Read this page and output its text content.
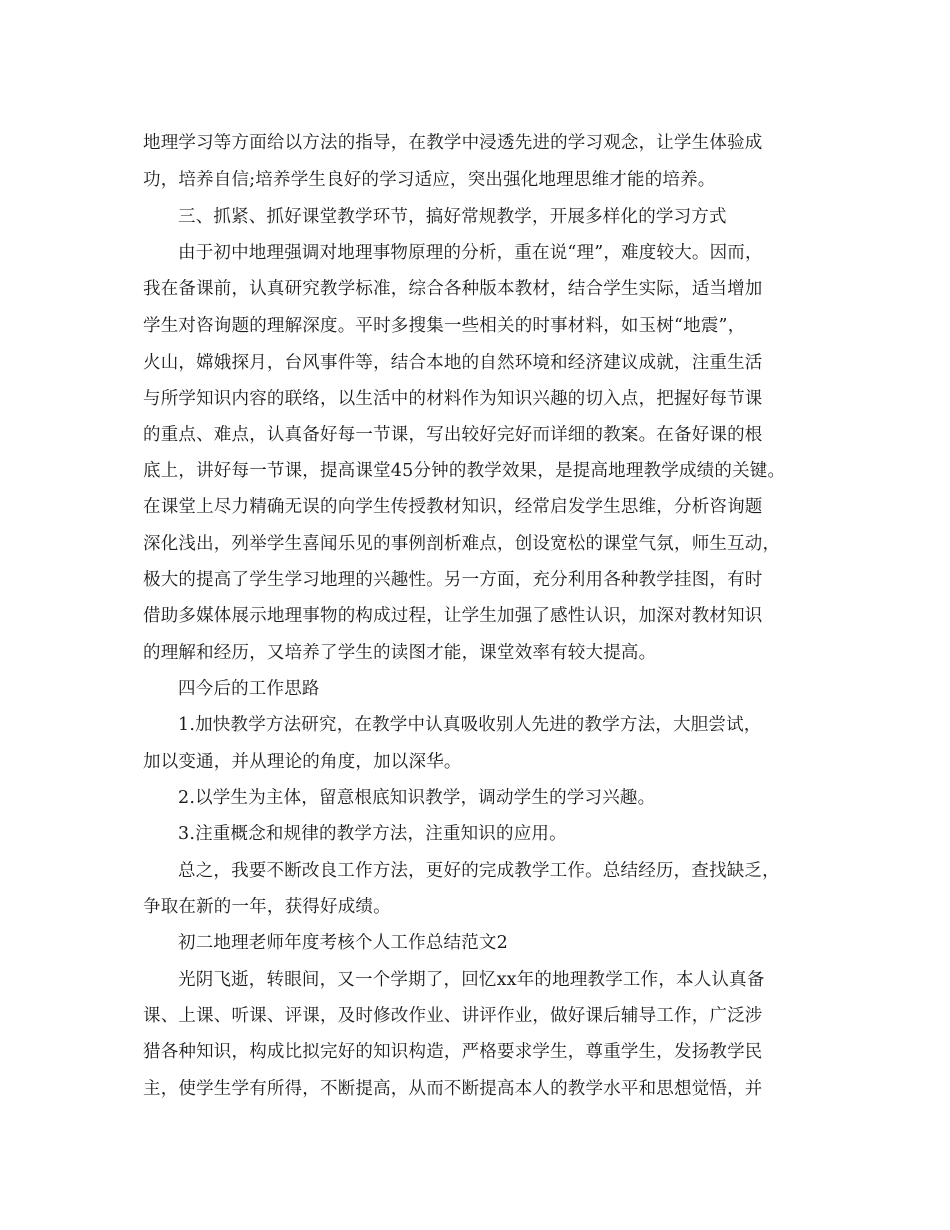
地理学习等方面给以方法的指导，在教学中浸透先进的学习观念，让学生体验成
功，培养自信;培养学生良好的学习适应，突出强化地理思维才能的培养。
三、抓紧、抓好课堂教学环节，搞好常规教学，开展多样化的学习方式
由于初中地理强调对地理事物原理的分析，重在说“理”，难度较大。因而，
我在备课前，认真研究教学标准，综合各种版本教材，结合学生实际，适当增加
学生对咨询题的理解深度。平时多搜集一些相关的时事材料，如玉树“地震”，
火山，嫦娥探月，台风事件等，结合本地的自然环境和经济建议成就，注重生活
与所学知识内容的联络，以生活中的材料作为知识兴趣的切入点，把握好每节课
的重点、难点，认真备好每一节课，写出较好完好而详细的教案。在备好课的根
底上，讲好每一节课，提高课堂45分钟的教学效果，是提高地理教学成绩的关键。
在课堂上尽力精确无误的向学生传授教材知识，经常启发学生思维，分析咨询题
深化浅出，列举学生喜闻乐见的事例剖析难点，创设宽松的课堂气氛，师生互动，
极大的提高了学生学习地理的兴趣性。另一方面，充分利用各种教学挂图，有时
借助多媒体展示地理事物的构成过程，让学生加强了感性认识，加深对教材知识
的理解和经历，又培养了学生的读图才能，课堂效率有较大提高。
四今后的工作思路
1.加快教学方法研究，在教学中认真吸收别人先进的教学方法，大胆尝试，
加以变通，并从理论的角度，加以深华。
2.以学生为主体，留意根底知识教学，调动学生的学习兴趣。
3.注重概念和规律的教学方法，注重知识的应用。
总之，我要不断改良工作方法，更好的完成教学工作。总结经历，查找缺乏，
争取在新的一年，获得好成绩。
初二地理老师年度考核个人工作总结范文2
光阴飞逝，转眼间，又一个学期了，回忆xx年的地理教学工作，本人认真备
课、上课、听课、评课，及时修改作业、讲评作业，做好课后辅导工作，广泛涉
猎各种知识，构成比拟完好的知识构造，严格要求学生，尊重学生，发扬教学民
主，使学生学有所得，不断提高，从而不断提高本人的教学水平和思想觉悟，并
